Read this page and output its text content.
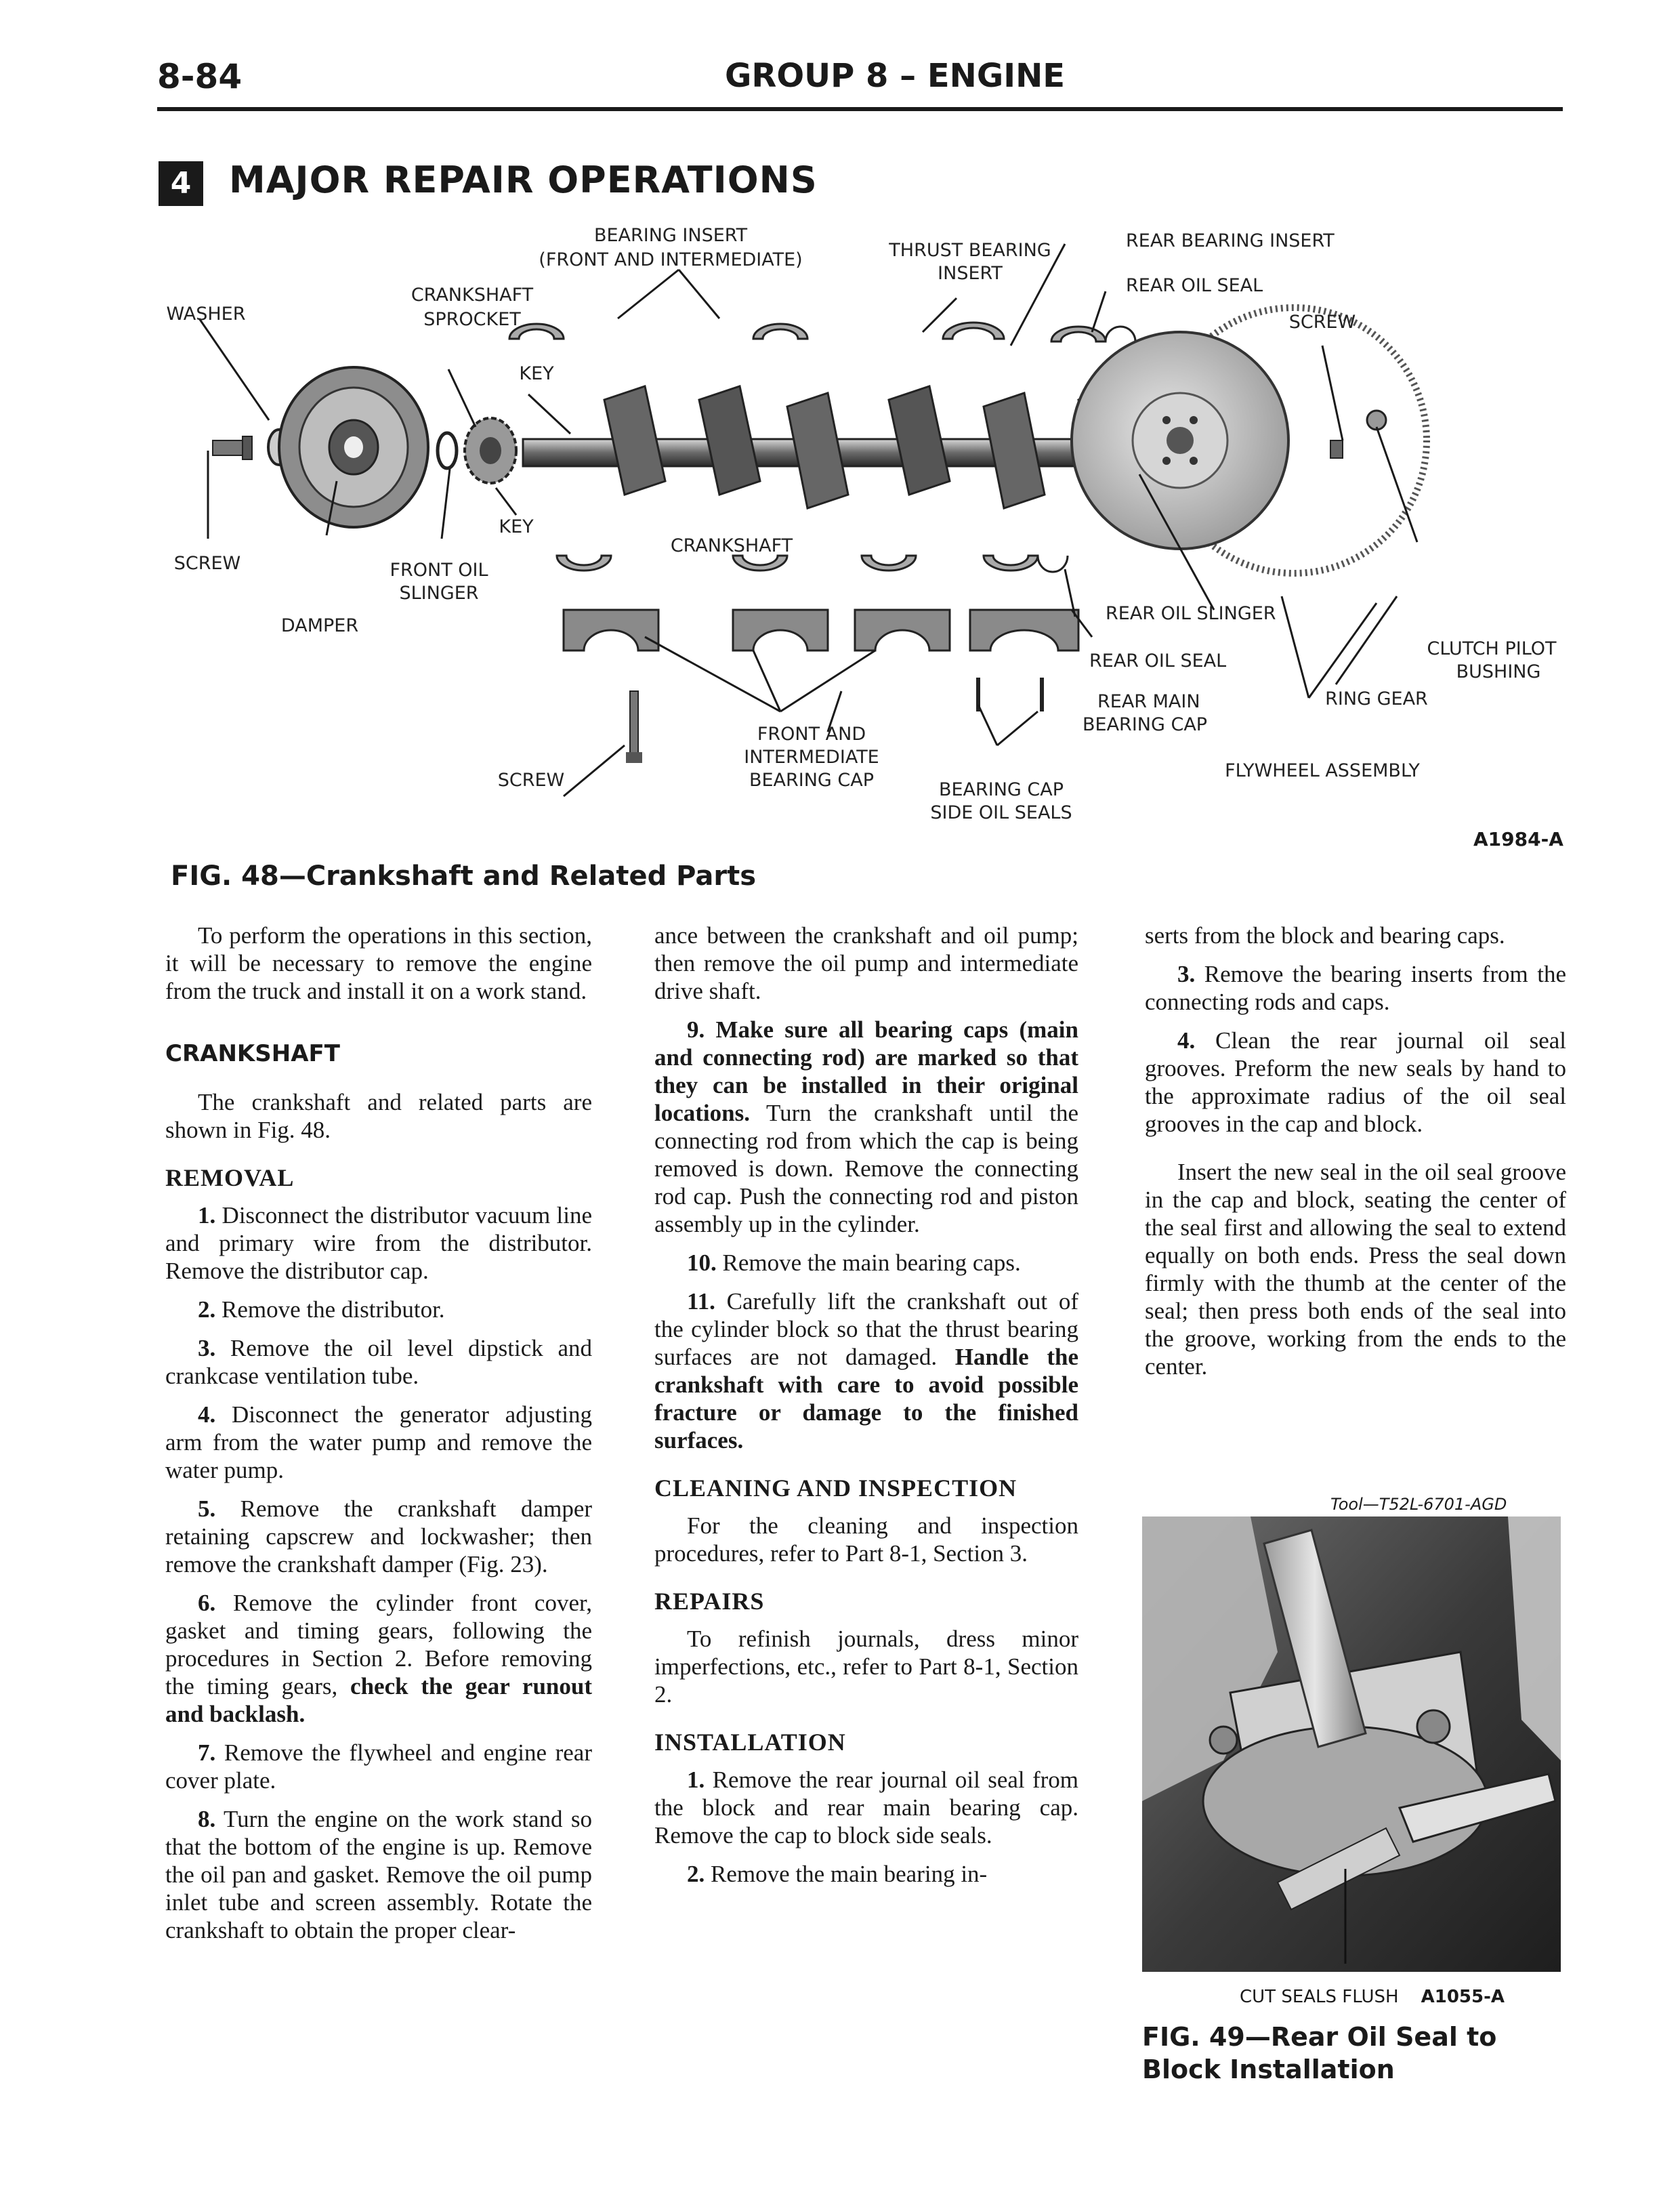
8-84	GROUP 8 – ENGINE
4	MAJOR REPAIR OPERATIONS
WASHER
CRANKSHAFT
SPROCKET
BEARING INSERT
(FRONT AND INTERMEDIATE)	THRUST BEARING
INSERT
REAR BEARING INSERT
REAR OIL SEAL
SCREW
KEY
KEY
SCREW	FRONT OIL
SLINGER
DAMPER
CRANKSHAFT
REAR OIL SLINGER
REAR OIL SEAL
CLUTCH PILOT
BUSHING
REAR MAIN
BEARING CAP
RING GEAR
FRONT AND
INTERMEDIATE
BEARING CAP
SCREW	FLYWHEEL ASSEMBLY
BEARING CAP
SIDE OIL SEALS
A1984-A
FIG. 48—Crankshaft and Related Parts

To perform the operations in this section, it will be necessary to remove the engine from the truck and install it on a work stand.

CRANKSHAFT

The crankshaft and related parts are shown in Fig. 48.

REMOVAL

1. Disconnect the distributor vacuum line and primary wire from the distributor. Remove the distributor cap.

2. Remove the distributor.

3. Remove the oil level dipstick and crankcase ventilation tube.

4. Disconnect the generator adjusting arm from the water pump and remove the water pump.

5. Remove the crankshaft damper retaining capscrew and lockwasher; then remove the crankshaft damper (Fig. 23).

6. Remove the cylinder front cover, gasket and timing gears, following the procedures in Section 2. Before removing the timing gears, check the gear runout and backlash.

7. Remove the flywheel and engine rear cover plate.

8. Turn the engine on the work stand so that the bottom of the engine is up. Remove the oil pan and gasket. Remove the oil pump inlet tube and screen assembly. Rotate the crankshaft to obtain the proper clear-

ance between the crankshaft and oil pump; then remove the oil pump and intermediate drive shaft.

9. Make sure all bearing caps (main and connecting rod) are marked so that they can be installed in their original locations. Turn the crankshaft until the connecting rod from which the cap is being removed is down. Remove the connecting rod cap. Push the connecting rod and piston assembly up in the cylinder.

10. Remove the main bearing caps.

11. Carefully lift the crankshaft out of the cylinder block so that the thrust bearing surfaces are not damaged. Handle the crankshaft with care to avoid possible fracture or damage to the finished surfaces.

CLEANING AND INSPECTION

For the cleaning and inspection procedures, refer to Part 8-1, Section 3.

REPAIRS

To refinish journals, dress minor imperfections, etc., refer to Part 8-1, Section 2.

INSTALLATION

1. Remove the rear journal oil seal from the block and rear main bearing cap. Remove the cap to block side seals.

2. Remove the main bearing in-

serts from the block and bearing caps.

3. Remove the bearing inserts from the connecting rods and caps.

4. Clean the rear journal oil seal grooves. Preform the new seals by hand to the approximate radius of the oil seal grooves in the cap and block.

Insert the new seal in the oil seal groove in the cap and block, seating the center of the seal first and allowing the seal to extend equally on both ends. Press the seal down firmly with the thumb at the center of the seal; then press both ends of the seal into the groove, working from the ends to the center.

Tool—T52L-6701-AGD
CUT SEALS FLUSH A1055-A
FIG. 49—Rear Oil Seal to Block Installation
